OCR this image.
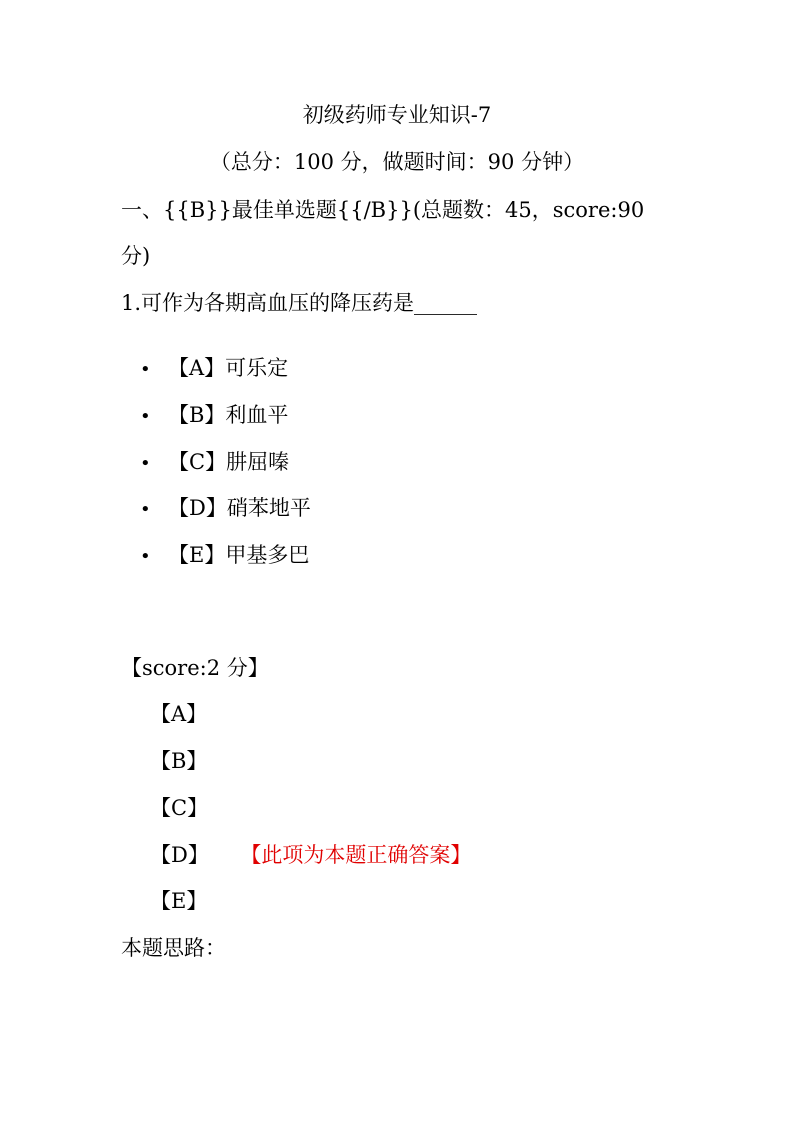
初级药师专业知识-7
（总分：100 分，做题时间：90 分钟）
一、{{B}}最佳单选题{{/B}}(总题数：45，score:90
分)
1.可作为各期高血压的降压药是______
• 【A】可乐定
• 【B】利血平
• 【C】肼屈嗪
• 【D】硝苯地平
• 【E】甲基多巴
【score:2 分】
【A】
【B】
【C】
【D】 【此项为本题正确答案】
【E】
本题思路：
